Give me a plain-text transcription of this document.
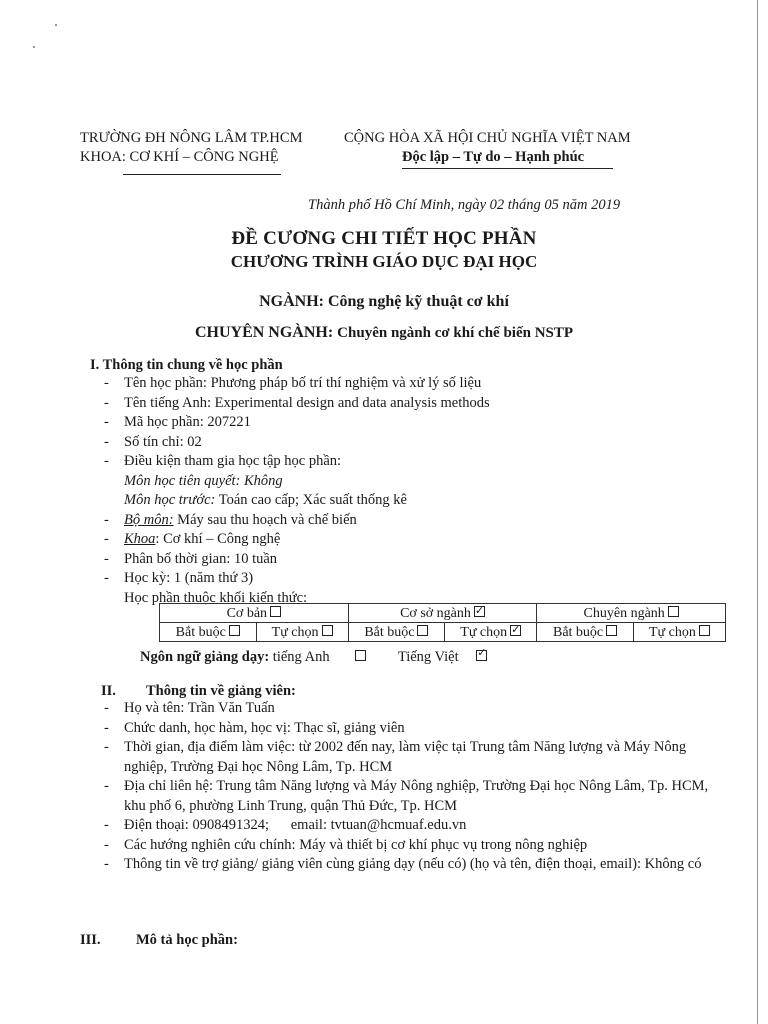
TRƯỜNG ĐH NÔNG LÂM TP.HCM
KHOA: CƠ KHÍ – CÔNG NGHỆ
CỘNG HÒA XÃ HỘI CHỦ NGHĨA VIỆT NAM
Độc lập – Tự do – Hạnh phúc
Thành phố Hồ Chí Minh, ngày 02 tháng 05 năm 2019
ĐỀ CƯƠNG CHI TIẾT HỌC PHẦN
CHƯƠNG TRÌNH GIÁO DỤC ĐẠI HỌC
NGÀNH: Công nghệ kỹ thuật cơ khí
CHUYÊN NGÀNH: Chuyên ngành cơ khí chế biến NSTP
I. Thông tin chung về học phần
- Tên học phần: Phương pháp bố trí thí nghiệm và xử lý số liệu
- Tên tiếng Anh: Experimental design and data analysis methods
- Mã học phần: 207221
- Số tín chỉ: 02
- Điều kiện tham gia học tập học phần:
Môn học tiên quyết: Không
Môn học trước: Toán cao cấp; Xác suất thống kê
- Bộ môn: Máy sau thu hoạch và chế biến
- Khoa: Cơ khí – Công nghệ
- Phân bố thời gian: 10 tuần
- Học kỳ: 1 (năm thứ 3)
Học phần thuộc khối kiến thức:
Cơ bản		Cơ sở ngành✓		Chuyên ngành	
Bắt buộc	Tự chọn	Bắt buộc	Tự chọn✓	Bắt buộc	Tự chọn
Ngôn ngữ giảng dạy: tiếng Anh	Tiếng Việt ✓
II. Thông tin về giảng viên:
- Họ và tên: Trần Văn Tuấn
- Chức danh, học hàm, học vị: Thạc sĩ, giảng viên
- Thời gian, địa điểm làm việc: từ 2002 đến nay, làm việc tại Trung tâm Năng lượng và Máy Nông nghiệp, Trường Đại học Nông Lâm, Tp. HCM
- Địa chỉ liên hệ: Trung tâm Năng lượng và Máy Nông nghiệp, Trường Đại học Nông Lâm, Tp. HCM, khu phố 6, phường Linh Trung, quận Thủ Đức, Tp. HCM
- Điện thoại: 0908491324;      email: tvtuan@hcmuaf.edu.vn
- Các hướng nghiên cứu chính: Máy và thiết bị cơ khí phục vụ trong nông nghiệp
- Thông tin về trợ giảng/ giảng viên cùng giảng dạy (nếu có) (họ và tên, điện thoại, email): Không có
III. Mô tả học phần:
